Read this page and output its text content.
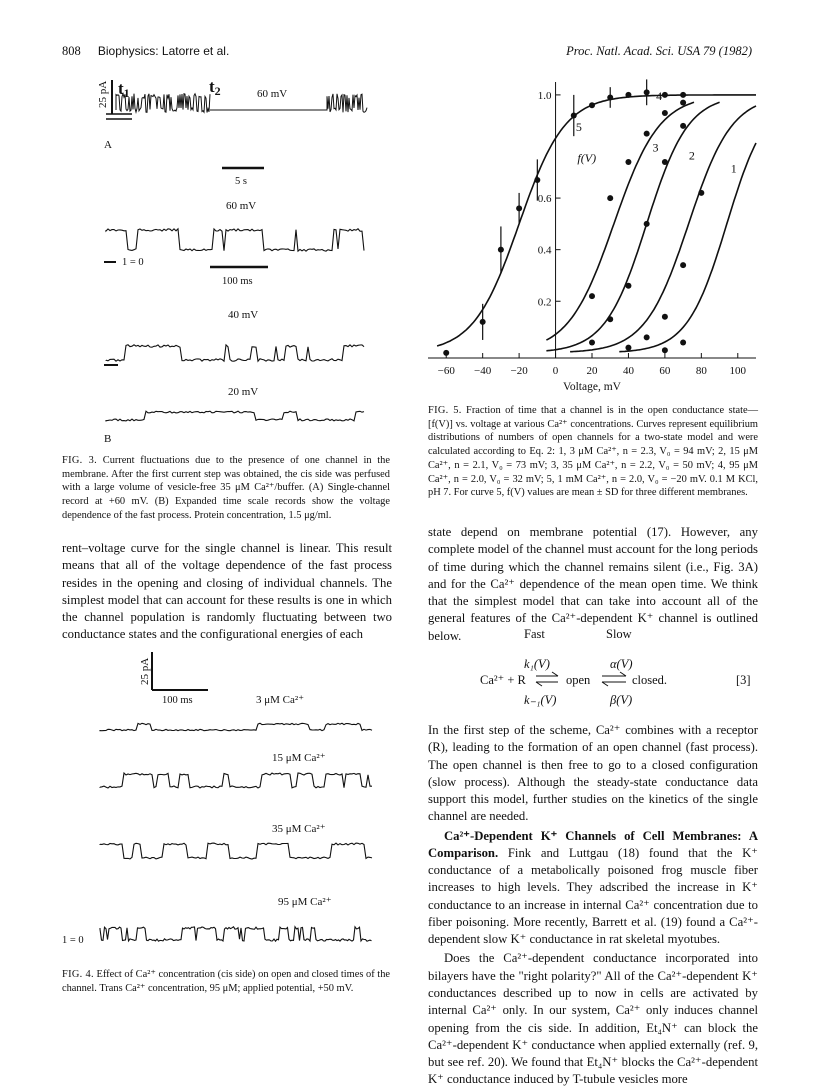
808 Biophysics: Latorre et al.	Proc. Natl. Acad. Sci. USA 79 (1982)
25 pA t1	t2	60 mV
A
5 s
60 mV
1 = 0
100 ms
40 mV
20 mV
B
FIG. 3. Current fluctuations due to the presence of one channel in the membrane. After the first current step was obtained, the cis side was perfused with a large volume of vesicle-free 35 μM Ca²⁺/buffer. (A) Single-channel record at +60 mV. (B) Expanded time scale records show the voltage dependence of the fast process. Protein concentration, 1.5 μg/ml.

rent–voltage curve for the single channel is linear. This result means that all of the voltage dependence of the fast process resides in the opening and closing of individual channels. The simplest model that can account for these results is one in which the channel population is randomly fluctuating between two conductance states and the configurational energies of each

25 pA
100 ms	3 μM Ca²⁺
15 μM Ca²⁺
35 μM Ca²⁺
95 μM Ca²⁺
1 = 0
FIG. 4. Effect of Ca²⁺ concentration (cis side) on open and closed times of the channel. Trans Ca²⁺ concentration, 95 μM; applied potential, +50 mV.
−60 −40 −20 0	20 40 60 80 100
0.2
0.4
0.6
1.0
Voltage, mV
f(V)
1
2
3
4
5
FIG. 5. Fraction of time that a channel is in the open conductance state—[f(V)] vs. voltage at various Ca²⁺ concentrations. Curves represent equilibrium distributions of numbers of open channels for a two-state model and were calculated according to Eq. 2: 1, 3 μM Ca²⁺, n = 2.3, V₀ = 94 mV; 2, 15 μM Ca²⁺, n = 2.1, V₀ = 73 mV; 3, 35 μM Ca²⁺, n = 2.2, V₀ = 50 mV; 4, 95 μM Ca²⁺, n = 2.0, V₀ = 32 mV; 5, 1 mM Ca²⁺, n = 2.0, V₀ = −20 mV. 0.1 M KCl, pH 7. For curve 5, f(V) values are mean ± SD for three different membranes.

state depend on membrane potential (17). However, any complete model of the channel must account for the long periods of time during which the channel remains silent (i.e., Fig. 3A) and for the Ca²⁺ dependence of the mean open time. We think that the simplest model that can take into account all of the general features of the Ca²⁺-dependent K⁺ channel is outlined below.	Fast	Slow
k₁(V)	α(V)
Ca²⁺ + R	open	closed.	[3]
k₋₁(V)	β(V)

In the first step of the scheme, Ca²⁺ combines with a receptor (R), leading to the formation of an open channel (fast process). The open channel is then free to go to a closed configuration (slow process). Although the steady-state conductance data support this model, further studies on the kinetics of the single channel are needed.

Ca²⁺-Dependent K⁺ Channels of Cell Membranes: A Comparison. Fink and Luttgau (18) found that the K⁺ conductance of a metabolically poisoned frog muscle fiber increases to high levels. They adscribed the increase in K⁺ conductance to an increase in internal Ca²⁺ concentration due to fiber poisoning. More recently, Barrett et al. (19) found a Ca²⁺-dependent slow K⁺ conductance in rat skeletal myotubes.

Does the Ca²⁺-dependent conductance incorporated into bilayers have the "right polarity?" All of the Ca²⁺-dependent K⁺ conductances described up to now in cells are activated by internal Ca²⁺ only. In our system, Ca²⁺ only induces channel opening from the cis side. In addition, Et₄N⁺ can block the Ca²⁺-dependent K⁺ conductance when applied externally (ref. 9, but see ref. 20). We found that Et₄N⁺ blocks the Ca²⁺-dependent K⁺ conductance induced by T-tubule vesicles more
